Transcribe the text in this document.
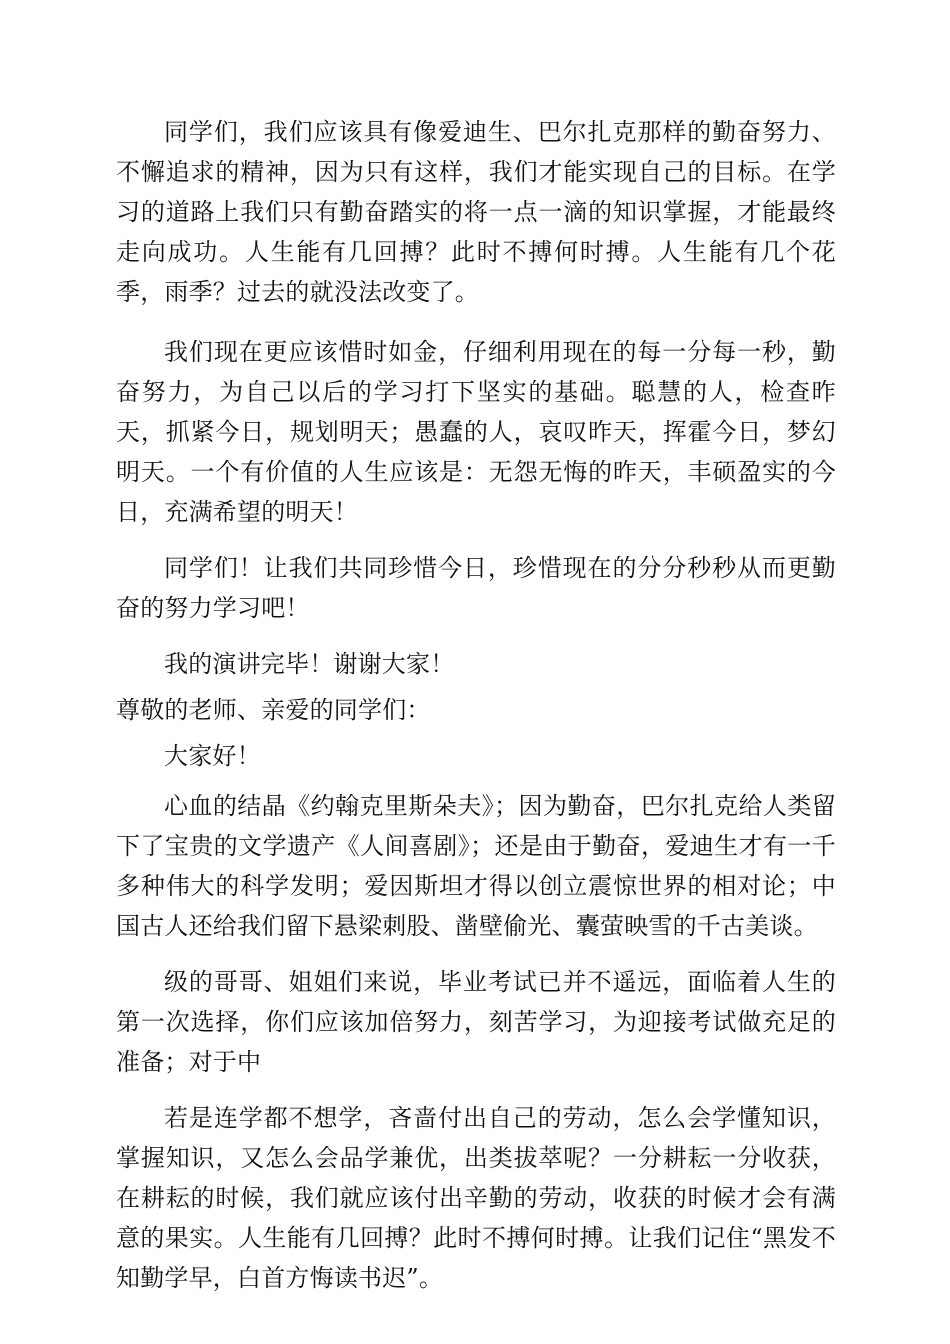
同学们，我们应该具有像爱迪生、巴尔扎克那样的勤奋努力、不懈追求的精神，因为只有这样，我们才能实现自己的目标。在学习的道路上我们只有勤奋踏实的将一点一滴的知识掌握，才能最终走向成功。人生能有几回搏？此时不搏何时搏。人生能有几个花季，雨季？过去的就没法改变了。

我们现在更应该惜时如金，仔细利用现在的每一分每一秒，勤奋努力，为自己以后的学习打下坚实的基础。聪慧的人，检查昨天，抓紧今日，规划明天；愚蠢的人，哀叹昨天，挥霍今日，梦幻明天。一个有价值的人生应该是：无怨无悔的昨天，丰硕盈实的今日，充满希望的明天！

同学们！让我们共同珍惜今日，珍惜现在的分分秒秒从而更勤奋的努力学习吧！

我的演讲完毕！谢谢大家！

尊敬的老师、亲爱的同学们：

大家好！

心血的结晶《约翰克里斯朵夫》；因为勤奋，巴尔扎克给人类留下了宝贵的文学遗产《人间喜剧》；还是由于勤奋，爱迪生才有一千多种伟大的科学发明；爱因斯坦才得以创立震惊世界的相对论；中国古人还给我们留下悬梁刺股、凿壁偷光、囊萤映雪的千古美谈。

级的哥哥、姐姐们来说，毕业考试已并不遥远，面临着人生的第一次选择，你们应该加倍努力，刻苦学习，为迎接考试做充足的准备；对于中

若是连学都不想学，吝啬付出自己的劳动，怎么会学懂知识，掌握知识，又怎么会品学兼优，出类拔萃呢？一分耕耘一分收获，在耕耘的时候，我们就应该付出辛勤的劳动，收获的时候才会有满意的果实。人生能有几回搏？此时不搏何时搏。让我们记住“黑发不知勤学早，白首方悔读书迟”。
